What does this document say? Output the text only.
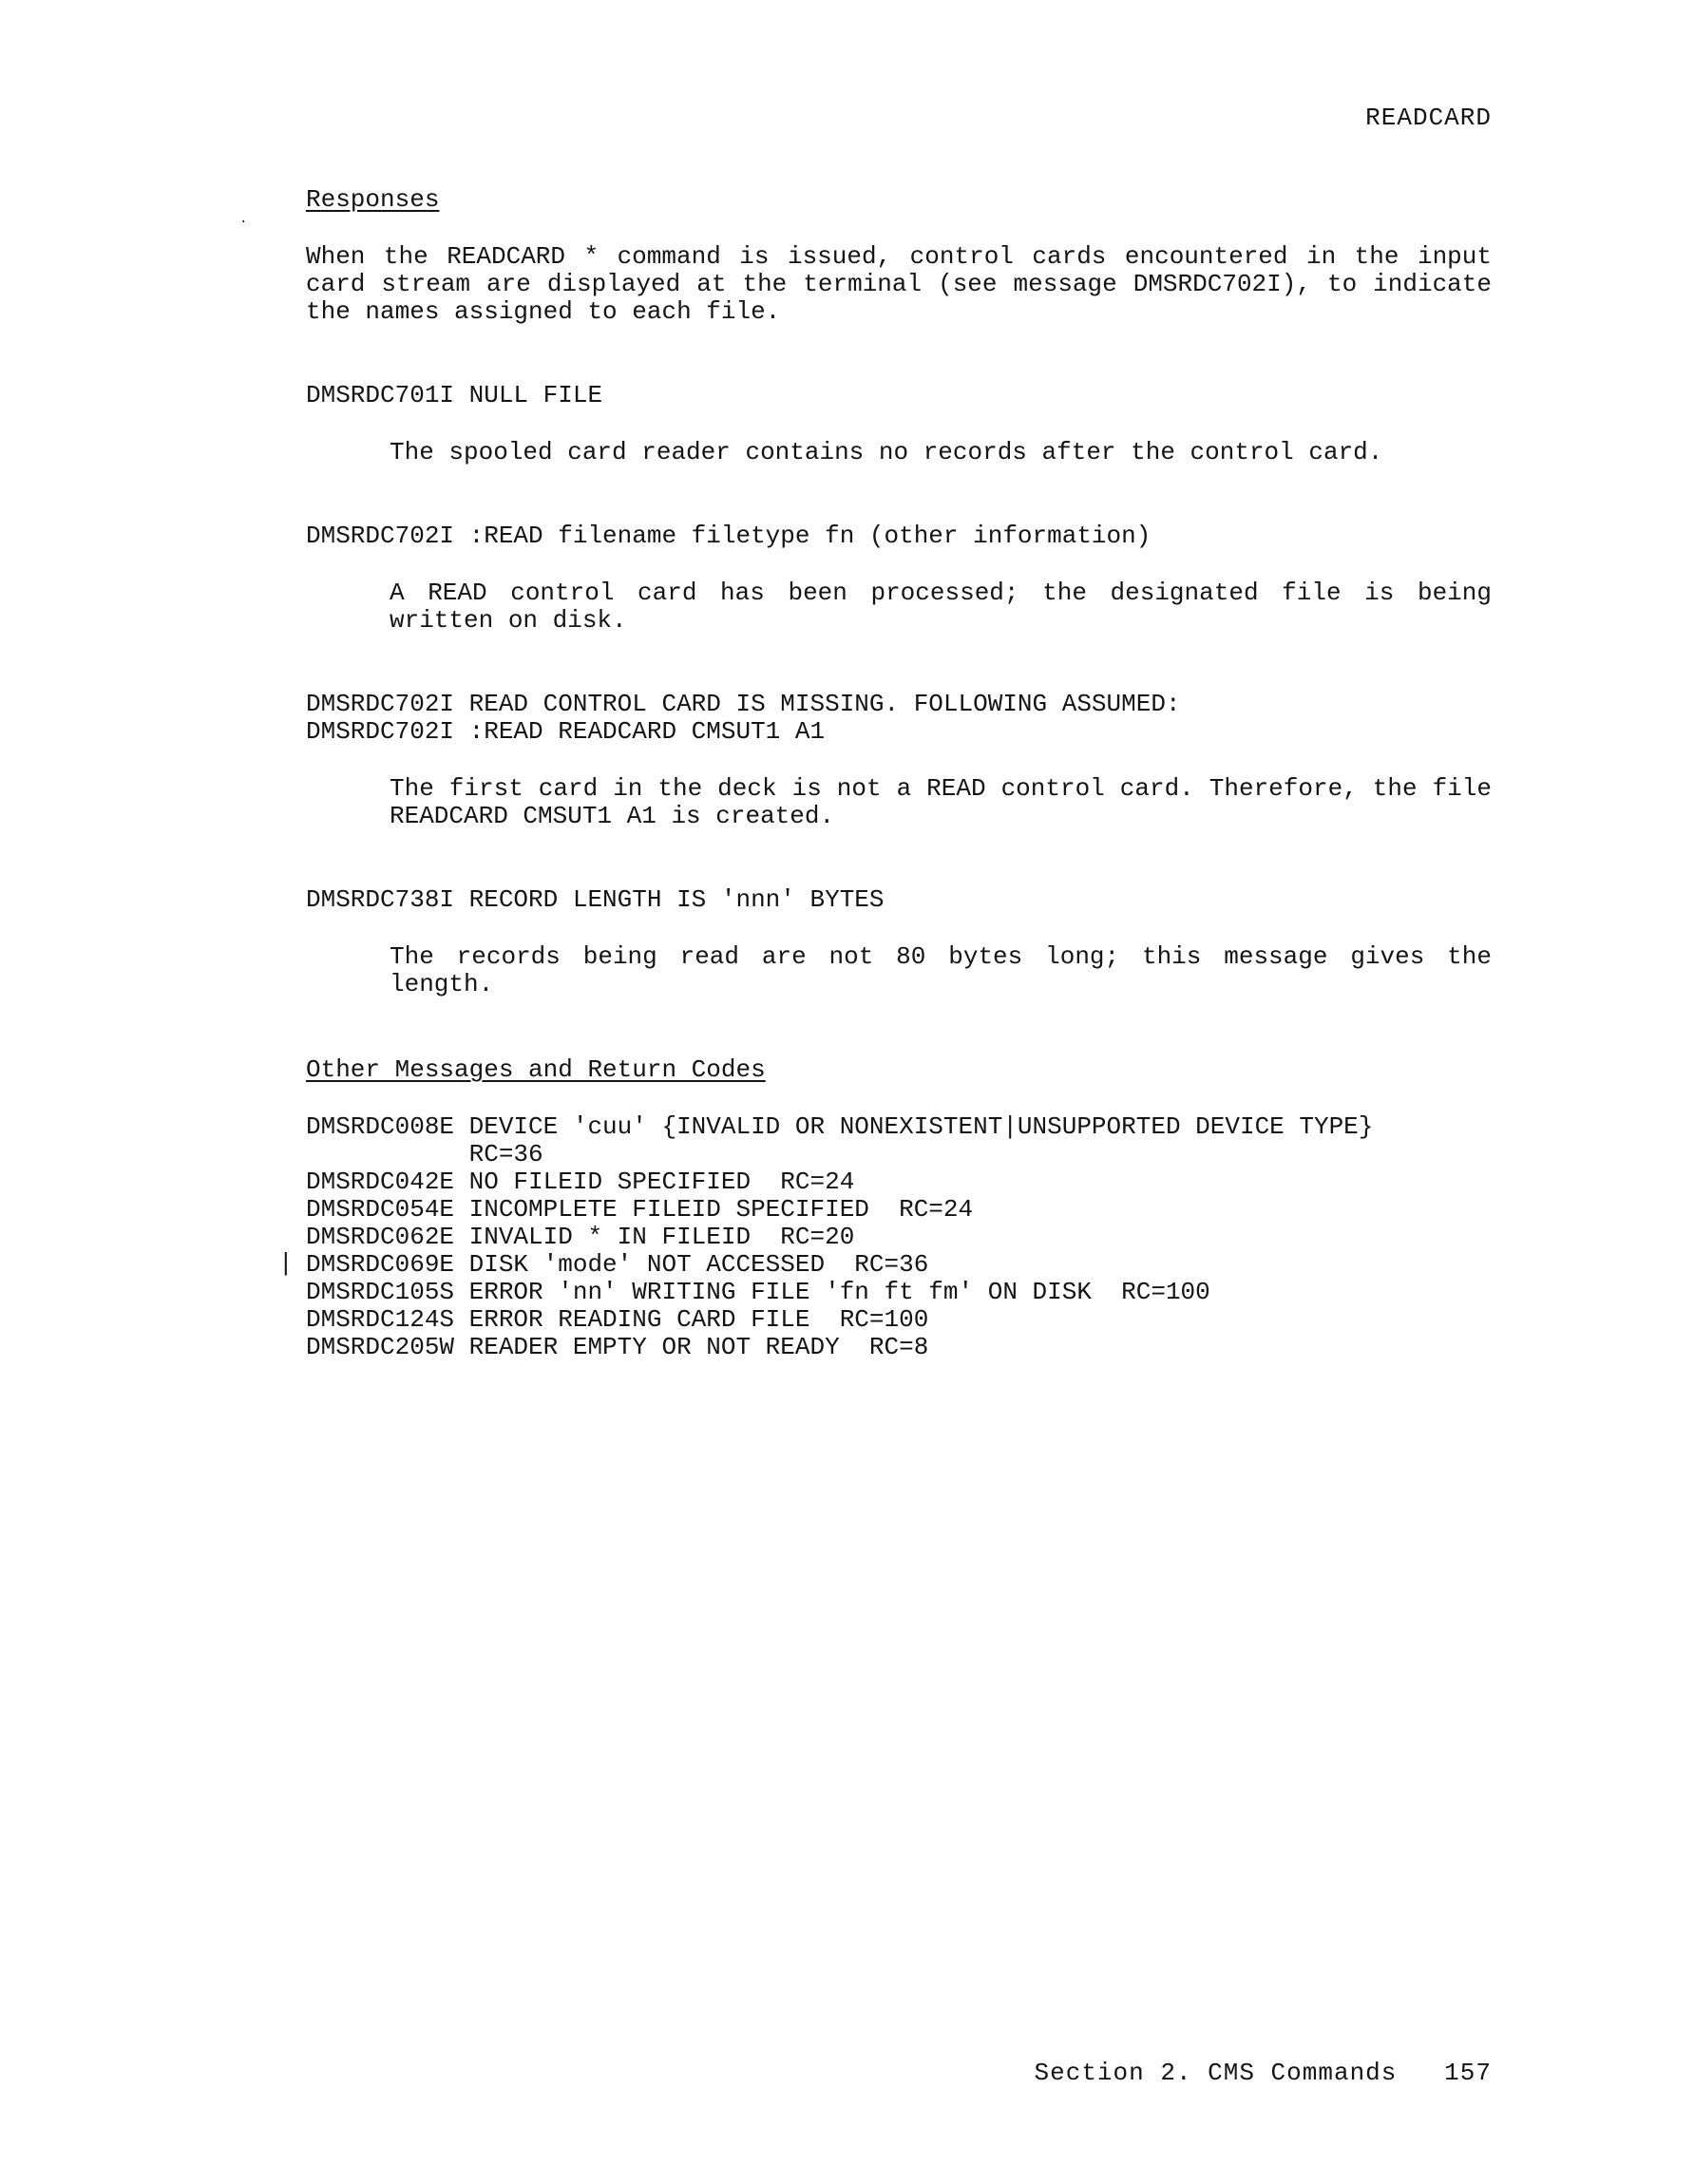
READCARD
·
Responses
When the READCARD * command is issued, control cards encountered in the input card stream are displayed at the terminal (see message DMSRDC702I), to indicate the names assigned to each file.
DMSRDC701I NULL FILE
The spooled card reader contains no records after the control card.
DMSRDC702I :READ filename filetype fn (other information)
A READ control card has been processed; the designated file is being written on disk.
DMSRDC702I READ CONTROL CARD IS MISSING. FOLLOWING ASSUMED:
DMSRDC702I :READ READCARD CMSUT1 A1
The first card in the deck is not a READ control card. Therefore, the file READCARD CMSUT1 A1 is created.
DMSRDC738I RECORD LENGTH IS 'nnn' BYTES
The records being read are not 80 bytes long; this message gives the length.
Other Messages and Return Codes
|
DMSRDC008E DEVICE 'cuu' {INVALID OR NONEXISTENT|UNSUPPORTED DEVICE TYPE}
RC=36
DMSRDC042E NO FILEID SPECIFIED  RC=24
DMSRDC054E INCOMPLETE FILEID SPECIFIED  RC=24
DMSRDC062E INVALID * IN FILEID  RC=20
DMSRDC069E DISK 'mode' NOT ACCESSED  RC=36
DMSRDC105S ERROR 'nn' WRITING FILE 'fn ft fm' ON DISK  RC=100
DMSRDC124S ERROR READING CARD FILE  RC=100
DMSRDC205W READER EMPTY OR NOT READY  RC=8
Section 2. CMS Commands   157
